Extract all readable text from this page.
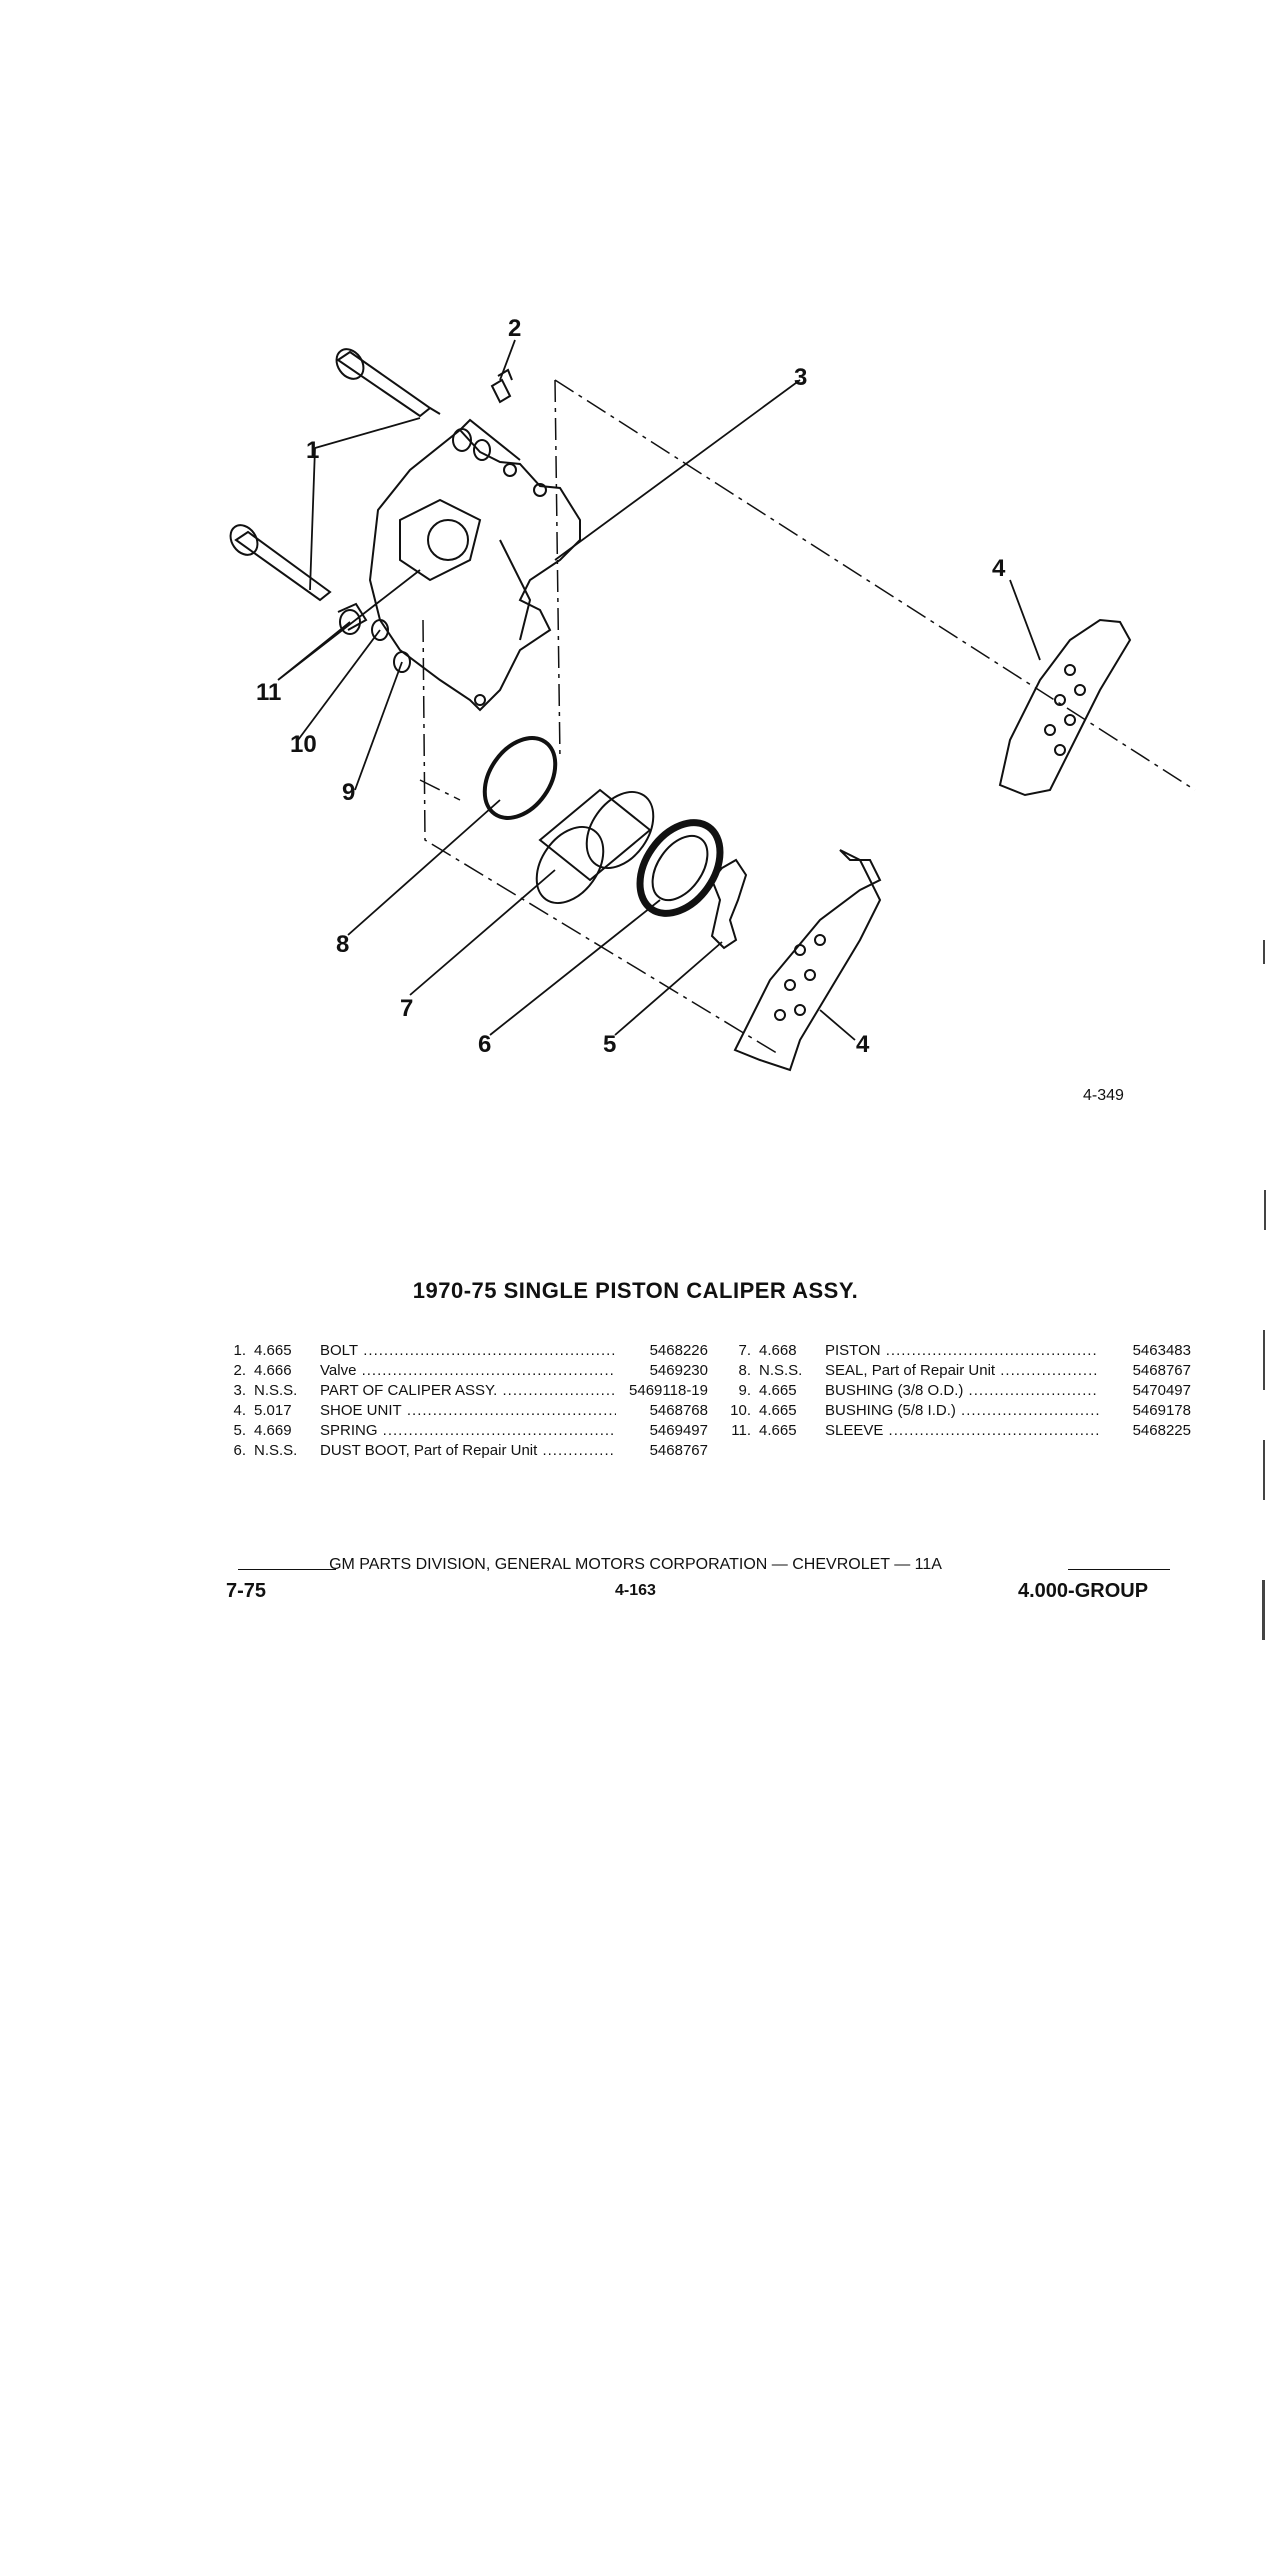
2
3
1
4
11
10
9
8
7
6	5	4
4-349
1970-75 SINGLE PISTON CALIPER ASSY.
1. 4.665	BOLT .....	5468226
2. 4.666	Valve .....	5469230
3. N.S.S.	PART OF CALIPER ASSY. .....	5469118-19
4. 5.017	SHOE UNIT .....	5468768
5. 4.669	SPRING .....	5469497
6. N.S.S.	DUST BOOT, Part of Repair Unit .....	5468767
7. 4.668	PISTON .....	5463483
8. N.S.S.	SEAL, Part of Repair Unit .....	5468767
9. 4.665	BUSHING (3/8 O.D.) .....	5470497
10. 4.665	BUSHING (5/8 I.D.) .....	5469178
11. 4.665	SLEEVE .....	5468225
GM PARTS DIVISION, GENERAL MOTORS CORPORATION — CHEVROLET — 11A
7-75	4-163	4.000-GROUP
